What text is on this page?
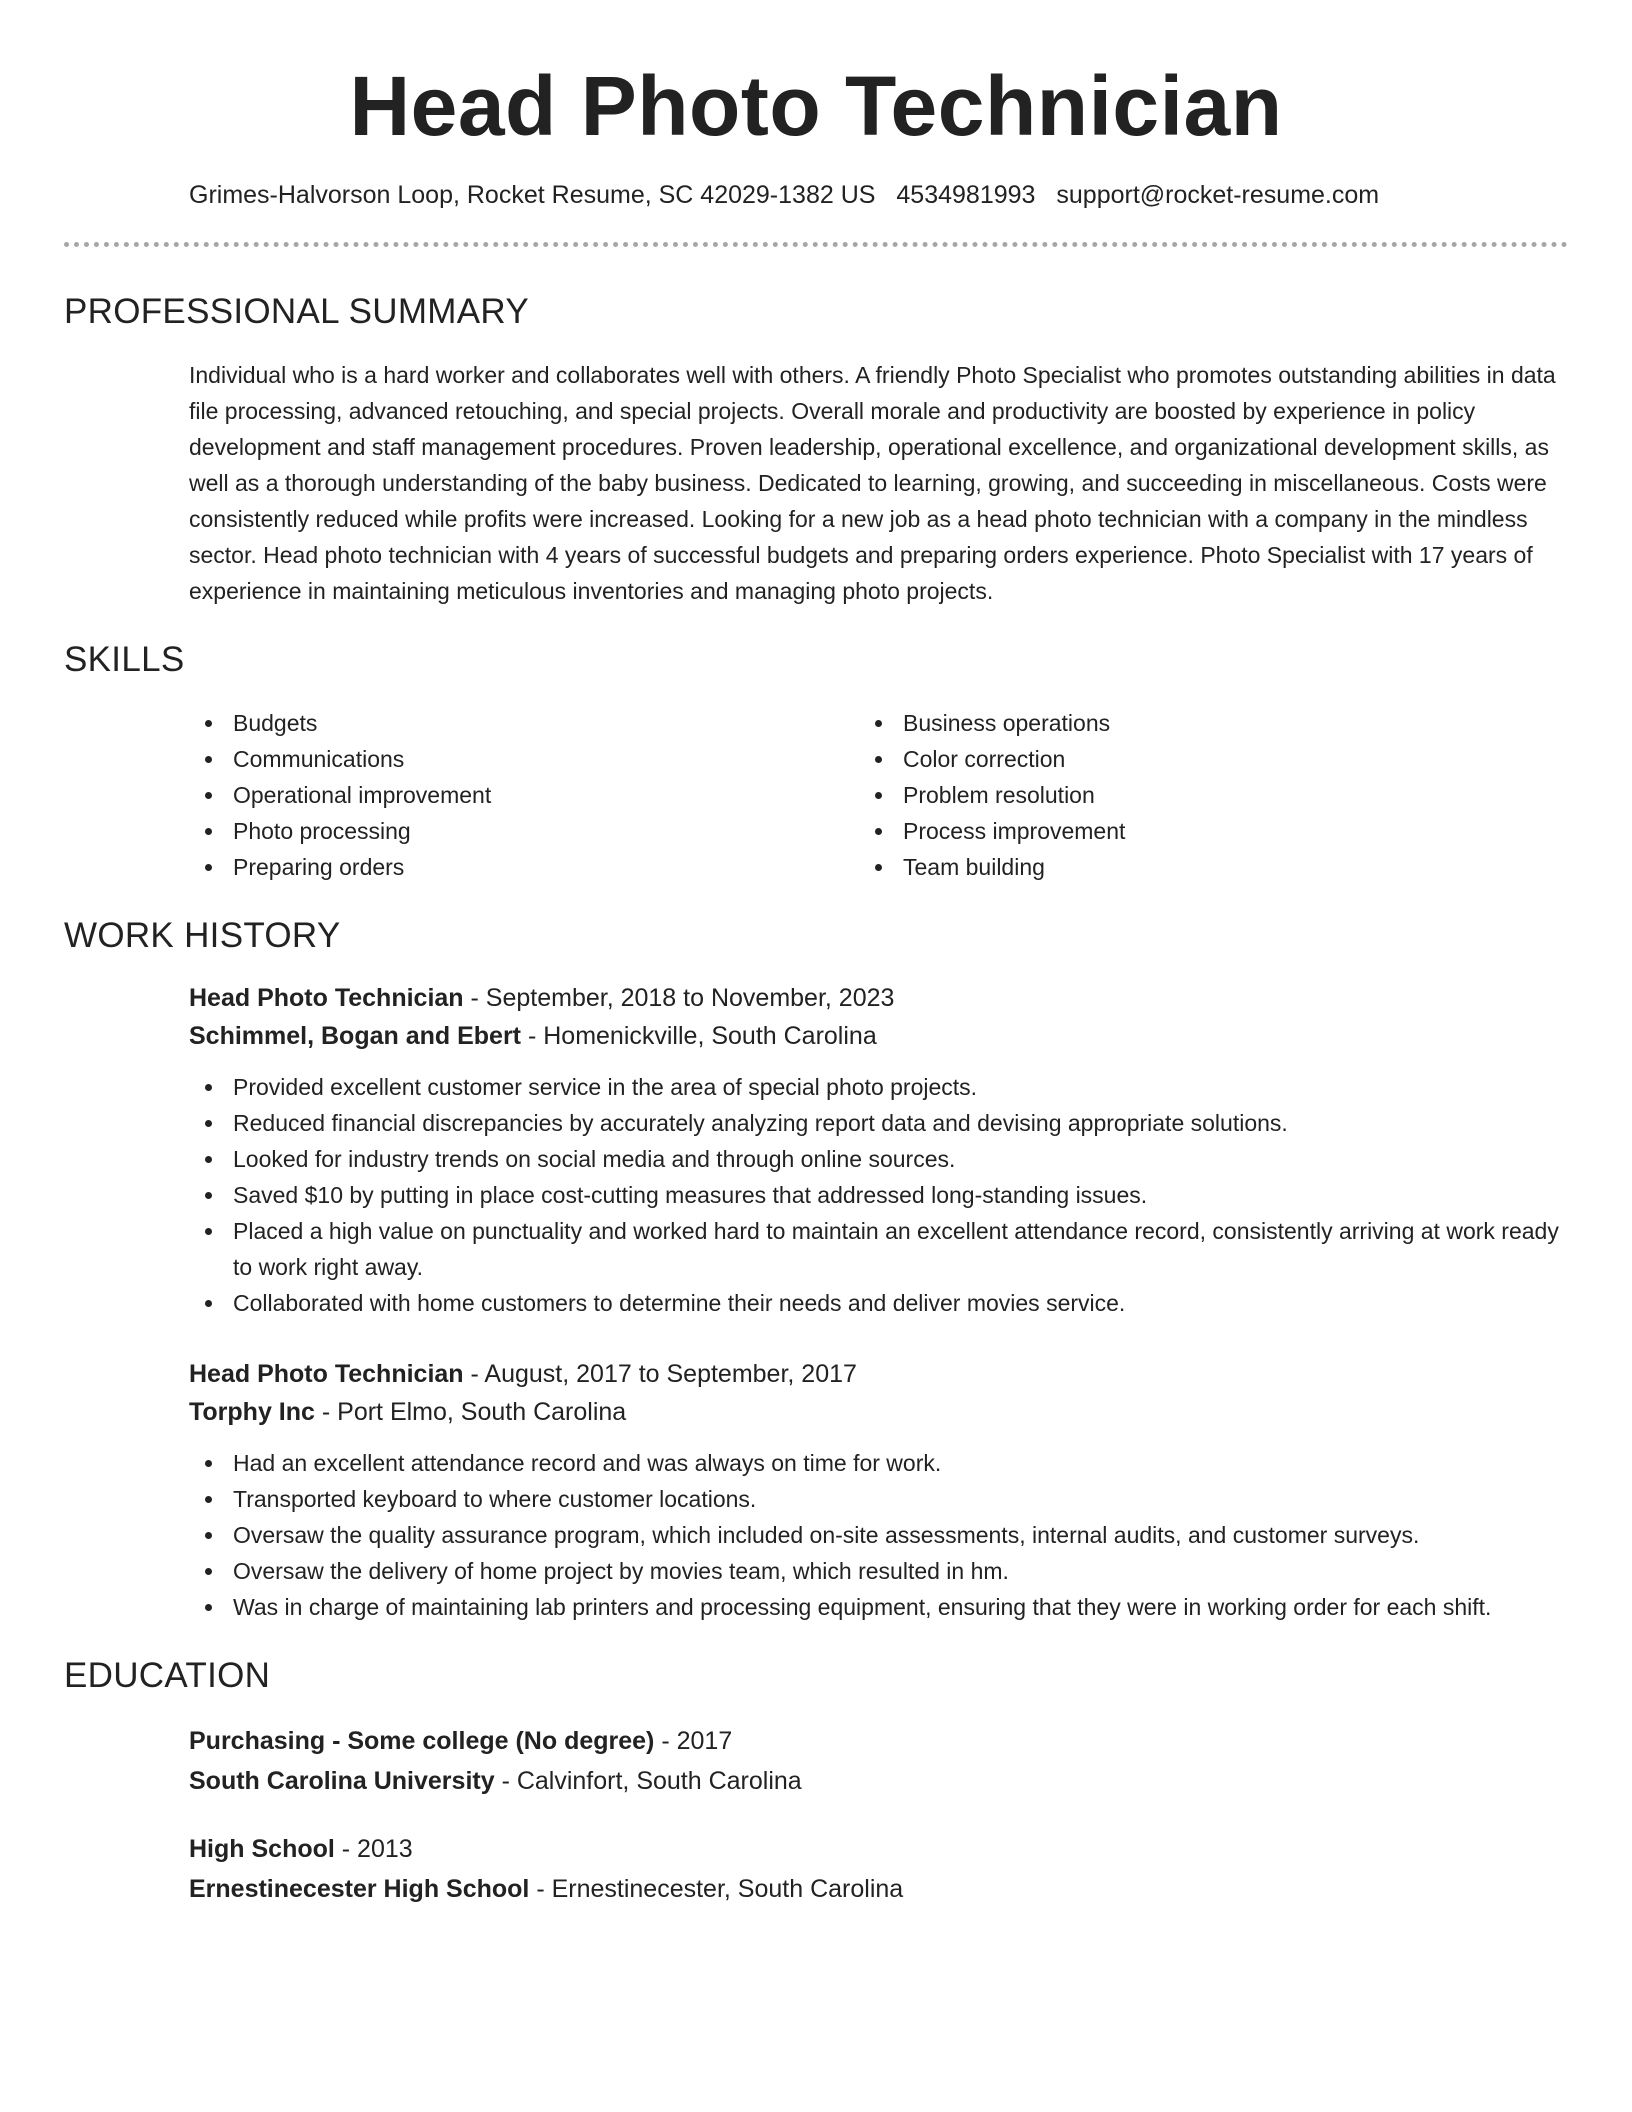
Head Photo Technician
Grimes-Halvorson Loop, Rocket Resume, SC 42029-1382 US 4534981993 support@rocket-resume.com
PROFESSIONAL SUMMARY

Individual who is a hard worker and collaborates well with others. A friendly Photo Specialist who promotes outstanding abilities in data file processing, advanced retouching, and special projects. Overall morale and productivity are boosted by experience in policy development and staff management procedures. Proven leadership, operational excellence, and organizational development skills, as well as a thorough understanding of the baby business. Dedicated to learning, growing, and succeeding in miscellaneous. Costs were consistently reduced while profits were increased. Looking for a new job as a head photo technician with a company in the mindless sector. Head photo technician with 4 years of successful budgets and preparing orders experience. Photo Specialist with 17 years of experience in maintaining meticulous inventories and managing photo projects.

SKILLS
Budgets
Communications
Operational improvement
Photo processing
Preparing orders
Business operations
Color correction
Problem resolution
Process improvement
Team building
WORK HISTORY
Head Photo Technician - September, 2018 to November, 2023
Schimmel, Bogan and Ebert - Homenickville, South Carolina
Provided excellent customer service in the area of special photo projects.
Reduced financial discrepancies by accurately analyzing report data and devising appropriate solutions.
Looked for industry trends on social media and through online sources.
Saved $10 by putting in place cost-cutting measures that addressed long-standing issues.
Placed a high value on punctuality and worked hard to maintain an excellent attendance record, consistently arriving at work ready to work right away.
Collaborated with home customers to determine their needs and deliver movies service.
Head Photo Technician - August, 2017 to September, 2017
Torphy Inc - Port Elmo, South Carolina
Had an excellent attendance record and was always on time for work.
Transported keyboard to where customer locations.
Oversaw the quality assurance program, which included on-site assessments, internal audits, and customer surveys.
Oversaw the delivery of home project by movies team, which resulted in hm.
Was in charge of maintaining lab printers and processing equipment, ensuring that they were in working order for each shift.
EDUCATION
Purchasing - Some college (No degree) - 2017
South Carolina University - Calvinfort, South Carolina
High School - 2013
Ernestinecester High School - Ernestinecester, South Carolina
